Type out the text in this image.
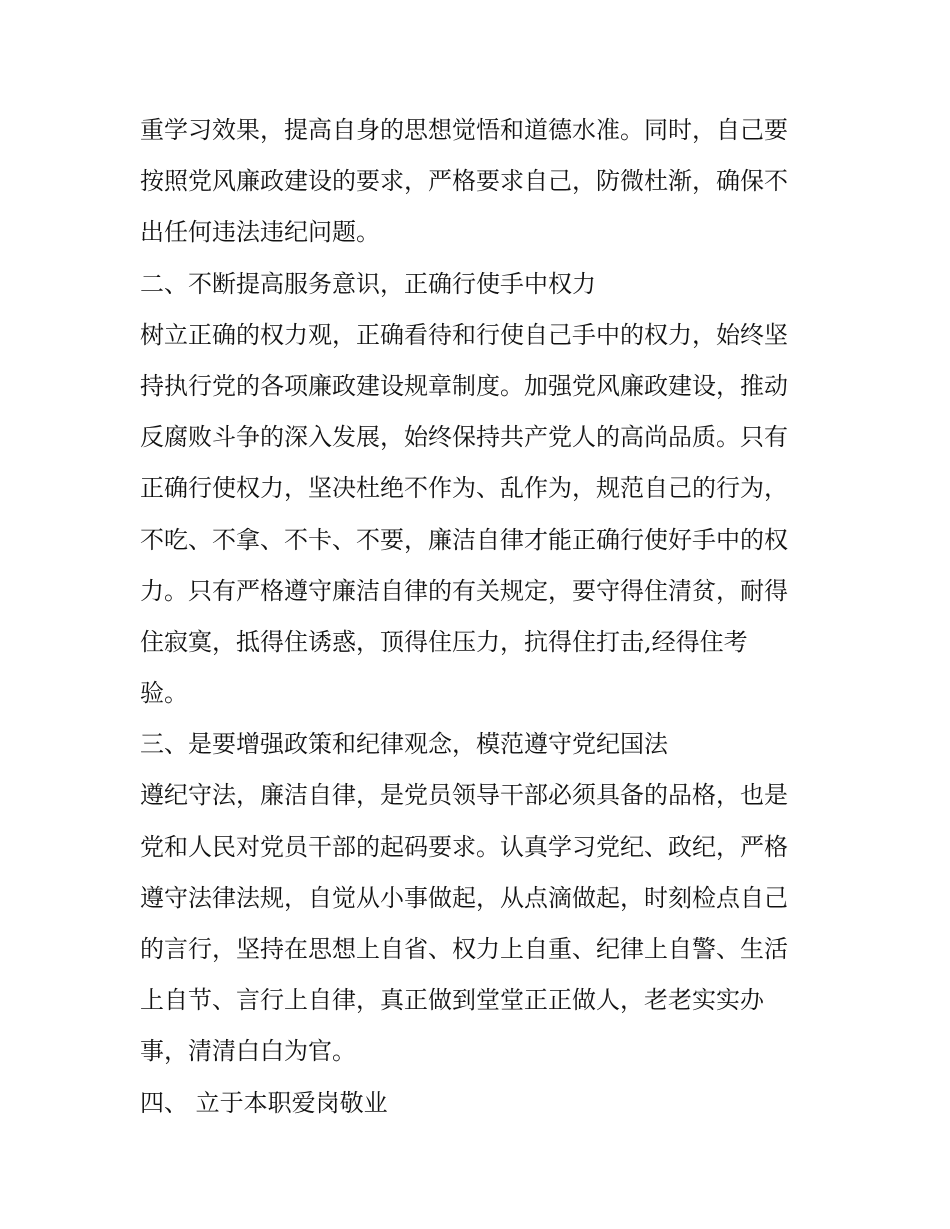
重学习效果，提高自身的思想觉悟和道德水准。同时，自己要
按照党风廉政建设的要求，严格要求自己，防微杜渐，确保不
出任何违法违纪问题。
二、不断提高服务意识，正确行使手中权力
树立正确的权力观，正确看待和行使自己手中的权力，始终坚
持执行党的各项廉政建设规章制度。加强党风廉政建设，推动
反腐败斗争的深入发展，始终保持共产党人的高尚品质。只有
正确行使权力，坚决杜绝不作为、乱作为，规范自己的行为，
不吃、不拿、不卡、不要，廉洁自律才能正确行使好手中的权
力。只有严格遵守廉洁自律的有关规定，要守得住清贫，耐得
住寂寞，抵得住诱惑，顶得住压力，抗得住打击,经得住考
验。
三、是要增强政策和纪律观念，模范遵守党纪国法
遵纪守法，廉洁自律，是党员领导干部必须具备的品格，也是
党和人民对党员干部的起码要求。认真学习党纪、政纪，严格
遵守法律法规，自觉从小事做起，从点滴做起，时刻检点自己
的言行，坚持在思想上自省、权力上自重、纪律上自警、生活
上自节、言行上自律，真正做到堂堂正正做人，老老实实办
事，清清白白为官。
四、 立于本职爱岗敬业
